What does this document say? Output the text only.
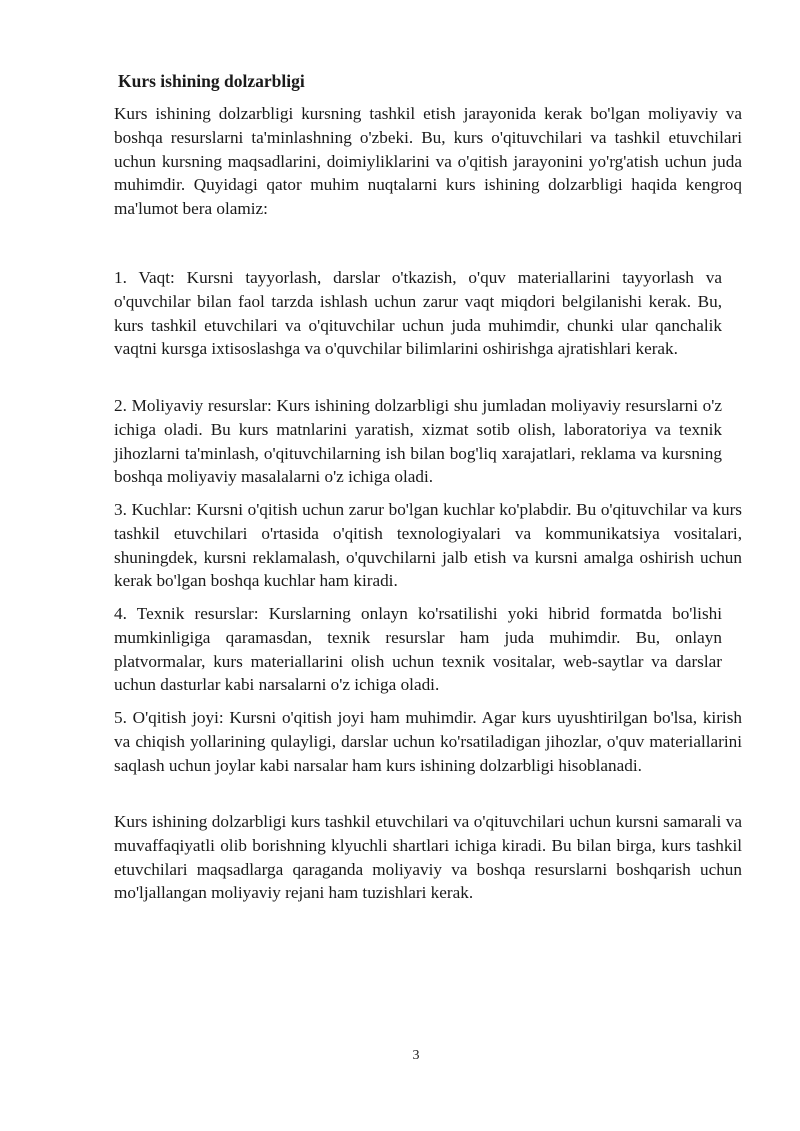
Kurs ishining dolzarbligi

Kurs ishining dolzarbligi kursning tashkil etish jarayonida kerak bo'lgan moliyaviy va boshqa resurslarni ta'minlashning o'zbeki. Bu, kurs o'qituvchilari va tashkil etuvchilari uchun kursning maqsadlarini, doimiyliklarini va o'qitish jarayonini yo'rg'atish uchun juda muhimdir. Quyidagi qator muhim nuqtalarni kurs ishining dolzarbligi haqida kengroq ma'lumot bera olamiz:

1. Vaqt: Kursni tayyorlash, darslar o'tkazish, o'quv materiallarini tayyorlash va o'quvchilar bilan faol tarzda ishlash uchun zarur vaqt miqdori belgilanishi kerak. Bu, kurs tashkil etuvchilari va o'qituvchilar uchun juda muhimdir, chunki ular qanchalik vaqtni kursga ixtisoslashga va o'quvchilar bilimlarini oshirishga ajratishlari kerak.

2. Moliyaviy resurslar: Kurs ishining dolzarbligi shu jumladan moliyaviy resurslarni o'z ichiga oladi. Bu kurs matnlarini yaratish, xizmat sotib olish, laboratoriya va texnik jihozlarni ta'minlash, o'qituvchilarning ish bilan bog'liq xarajatlari, reklama va kursning boshqa moliyaviy masalalarni o'z ichiga oladi.

3. Kuchlar: Kursni o'qitish uchun zarur bo'lgan kuchlar ko'plabdir. Bu o'qituvchilar va kurs tashkil etuvchilari o'rtasida o'qitish texnologiyalari va kommunikatsiya vositalari, shuningdek, kursni reklamalash, o'quvchilarni jalb etish va kursni amalga oshirish uchun kerak bo'lgan boshqa kuchlar ham kiradi.

4. Texnik resurslar: Kurslarning onlayn ko'rsatilishi yoki hibrid formatda bo'lishi mumkinligiga qaramasdan, texnik resurslar ham juda muhimdir. Bu, onlayn platvormalar, kurs materiallarini olish uchun texnik vositalar, web-saytlar va darslar uchun dasturlar kabi narsalarni o'z ichiga oladi.

5. O'qitish joyi: Kursni o'qitish joyi ham muhimdir. Agar kurs uyushtirilgan bo'lsa, kirish va chiqish yollarining qulayligi, darslar uchun ko'rsatiladigan jihozlar, o'quv materiallarini saqlash uchun joylar kabi narsalar ham kurs ishining dolzarbligi hisoblanadi.

Kurs ishining dolzarbligi kurs tashkil etuvchilari va o'qituvchilari uchun kursni samarali va muvaffaqiyatli olib borishning klyuchli shartlari ichiga kiradi. Bu bilan birga, kurs tashkil etuvchilari maqsadlarga qaraganda moliyaviy va boshqa resurslarni boshqarish uchun mo'ljallangan moliyaviy rejani ham tuzishlari kerak.

3
